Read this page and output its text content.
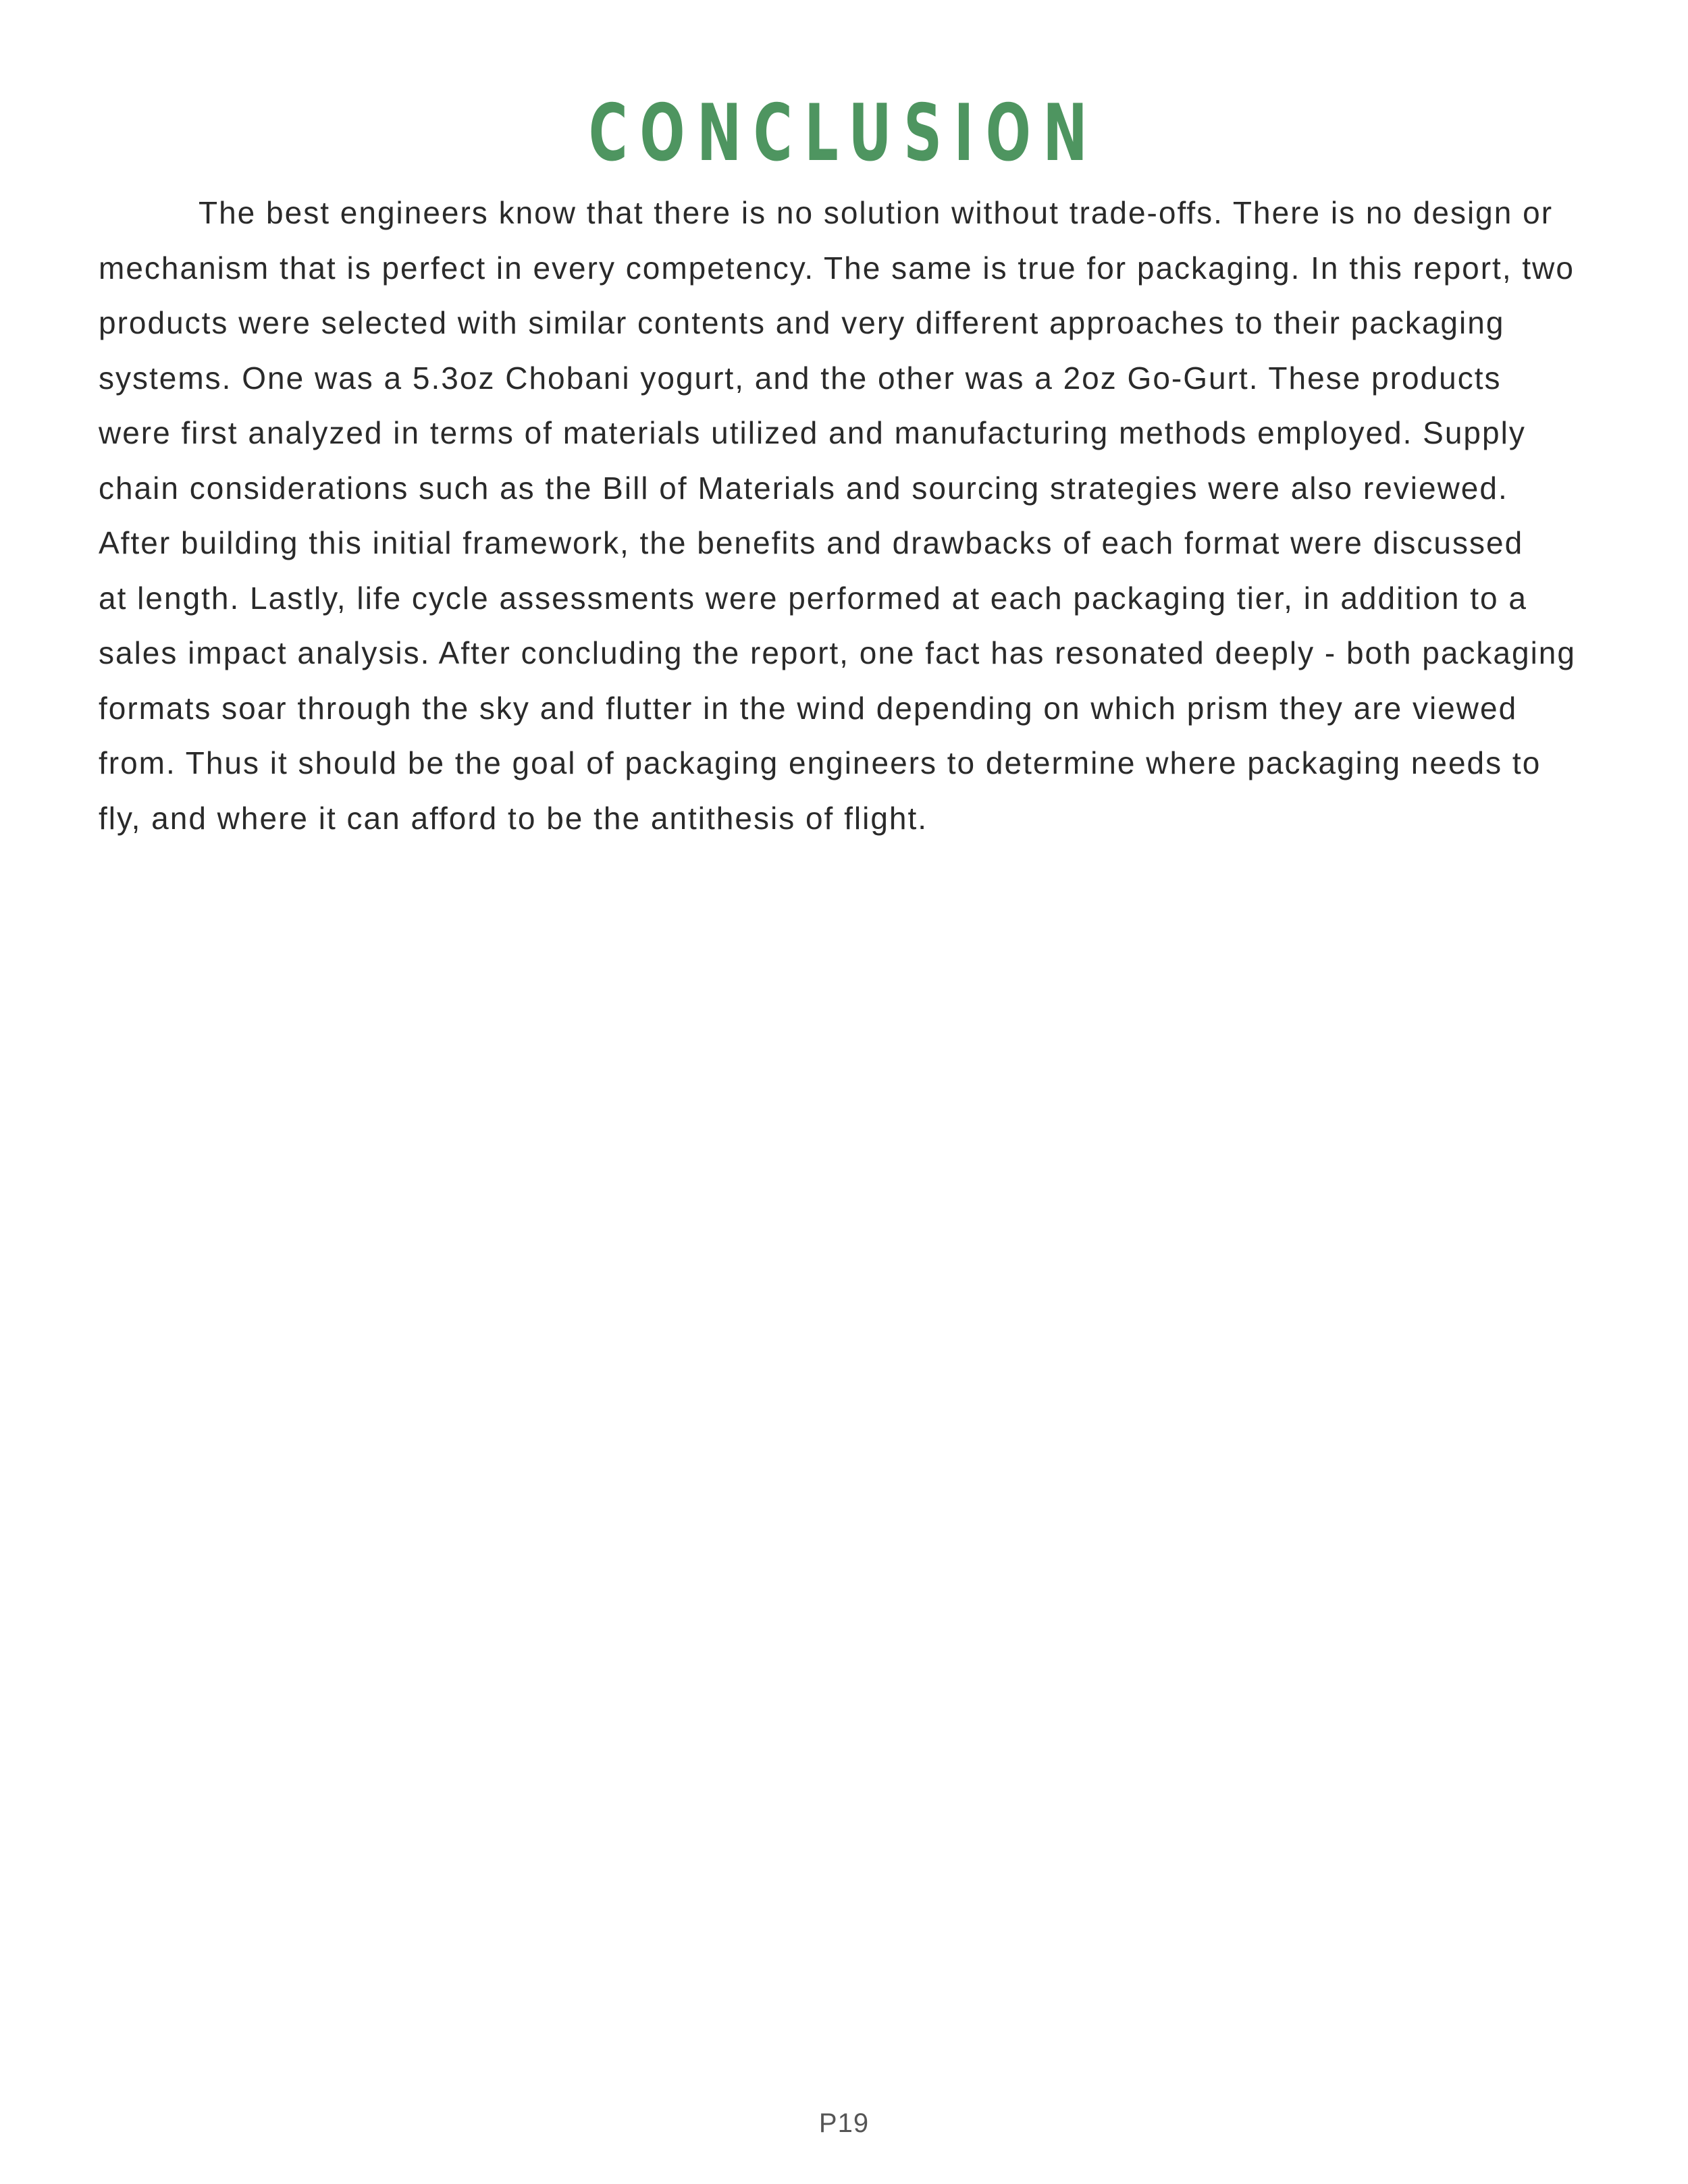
CONCLUSION

The best engineers know that there is no solution without trade-offs. There is no design or
mechanism that is perfect in every competency. The same is true for packaging. In this report, two
products were selected with similar contents and very different approaches to their packaging
systems. One was a 5.3oz Chobani yogurt, and the other was a 2oz Go-Gurt. These products
were first analyzed in terms of materials utilized and manufacturing methods employed. Supply
chain considerations such as the Bill of Materials and sourcing strategies were also reviewed.
After building this initial framework, the benefits and drawbacks of each format were discussed
at length. Lastly, life cycle assessments were performed at each packaging tier, in addition to a
sales impact analysis. After concluding the report, one fact has resonated deeply - both packaging
formats soar through the sky and flutter in the wind depending on which prism they are viewed
from. Thus it should be the goal of packaging engineers to determine where packaging needs to
fly, and where it can afford to be the antithesis of flight.

P19
